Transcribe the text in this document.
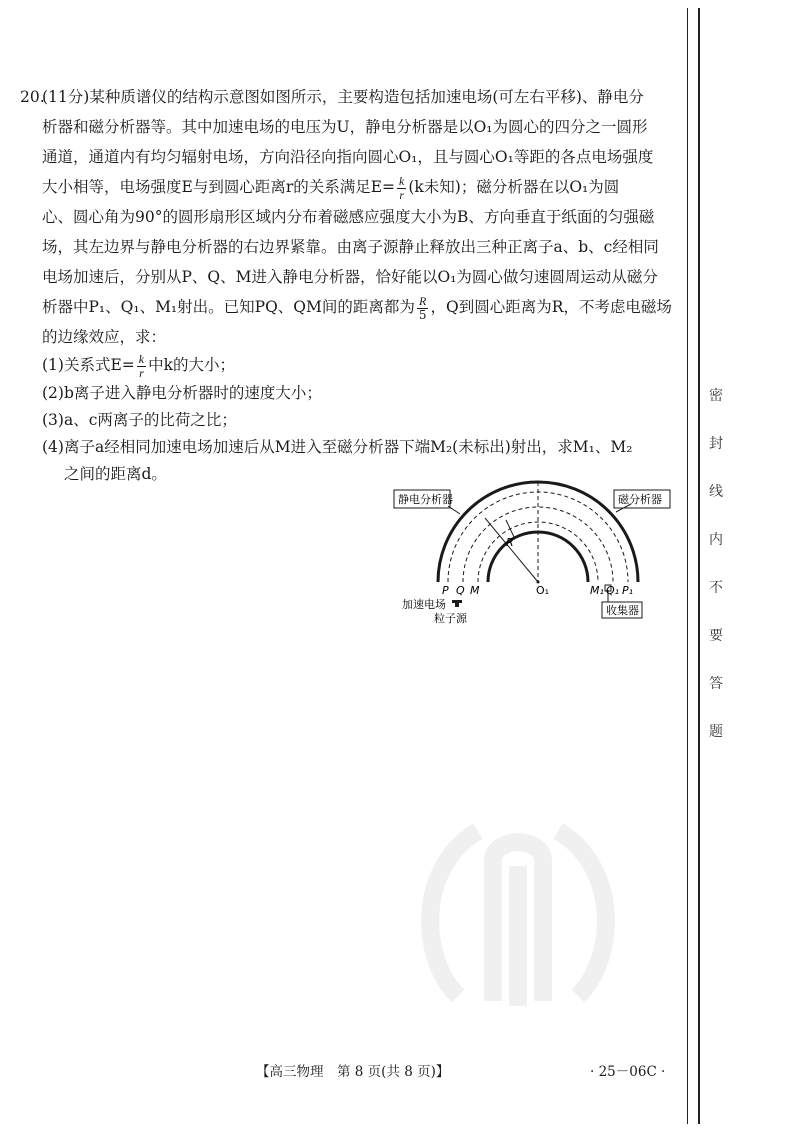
密
封
线
内
不
要
答
题
20.
(11分)某种质谱仪的结构示意图如图所示，主要构造包括加速电场(可左右平移)、静电分
析器和磁分析器等。其中加速电场的电压为U，静电分析器是以O₁为圆心的四分之一圆形
通道，通道内有均匀辐射电场，方向沿径向指向圆心O₁，且与圆心O₁等距的各点电场强度
大小相等，电场强度E与到圆心距离r的关系满足$E= \frac{k}{r} (k$未知)；磁分析器在以O₁为圆
心、圆心角为90°的圆形扇形区域内分布着磁感应强度大小为B、方向垂直于纸面的匀强磁
场，其左边界与静电分析器的右边界紧靠。由离子源静止释放出三种正离子a、b、c经相同
电场加速后，分别从P、Q、M进入静电分析器，恰好能以O₁为圆心做匀速圆周运动从磁分
析器中P₁、Q₁、M₁射出。已知PQ、QM间的距离都为 $\frac{R}{5}$ ，Q到圆心距离为R，不考虑电磁场
的边缘效应，求：
(1)关系式$E= \frac{k}{r}$ 中k的大小；
(2)b离子进入静电分析器时的速度大小；
(3)a、c两离子的比荷之比；
(4)离子a经相同加速电场加速后从M进入至磁分析器下端M₂(未标出)射出，求M₁、M₂
之间的距离d。
静电分析器	磁分析器
R
O₁
P Q M	M₁ Q₁ P₁
加速电场
粒子源
收集器
【高三物理　第 8 页(共 8 页)】	· 25－06C ·
